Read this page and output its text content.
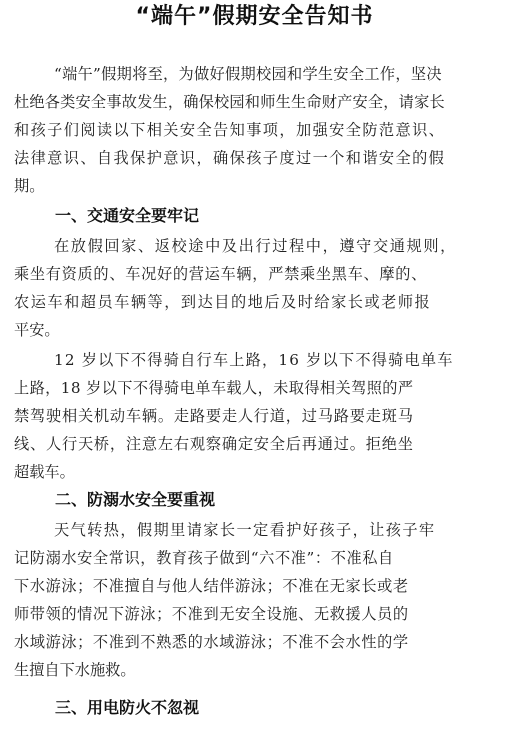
“端午”假期安全告知书
“端午”假期将至，为做好假期校园和学生安全工作，坚决
杜绝各类安全事故发生，确保校园和师生生命财产安全，请家长
和孩子们阅读以下相关安全告知事项，加强安全防范意识、
法律意识、自我保护意识，确保孩子度过一个和谐安全的假
期。
一、交通安全要牢记
在放假回家、返校途中及出行过程中，遵守交通规则，
乘坐有资质的、车况好的营运车辆，严禁乘坐黑车、摩的、
农运车和超员车辆等，到达目的地后及时给家长或老师报
平安。
12 岁以下不得骑自行车上路，16 岁以下不得骑电单车
上路，18 岁以下不得骑电单车载人，未取得相关驾照的严
禁驾驶相关机动车辆。走路要走人行道，过马路要走斑马
线、人行天桥，注意左右观察确定安全后再通过。拒绝坐
超载车。
二、防溺水安全要重视
天气转热，假期里请家长一定看护好孩子，让孩子牢
记防溺水安全常识，教育孩子做到“六不准”：不准私自
下水游泳；不准擅自与他人结伴游泳；不准在无家长或老
师带领的情况下游泳；不准到无安全设施、无救援人员的
水域游泳；不准到不熟悉的水域游泳；不准不会水性的学
生擅自下水施救。
三、用电防火不忽视
